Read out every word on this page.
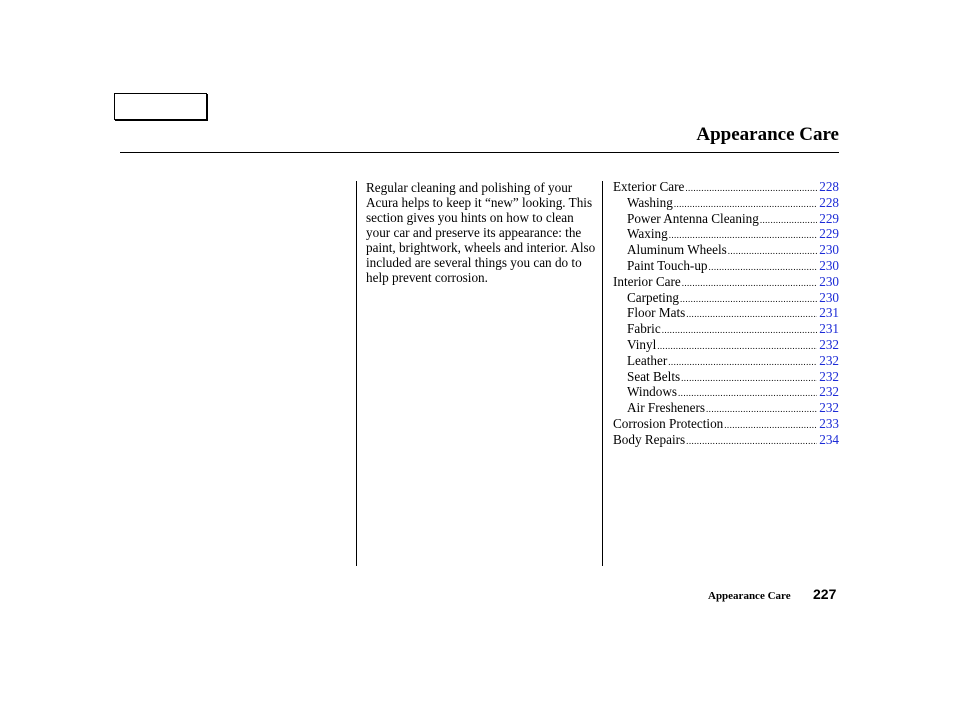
Appearance Care

Regular cleaning and polishing of your Acura helps to keep it “new” looking. This section gives you hints on how to clean your car and preserve its appearance: the paint, brightwork, wheels and interior. Also included are several things you can do to help prevent corrosion.

Exterior Care .....	228
Washing .....	228
Power Antenna Cleaning .....	229
Waxing .....	229
Aluminum Wheels .....	230
Paint Touch-up .....	230
Interior Care .....	230
Carpeting .....	230
Floor Mats .....	231
Fabric .....	231
Vinyl .....	232
Leather .....	232
Seat Belts .....	232
Windows .....	232
Air Fresheners .....	232
Corrosion Protection .....	233
Body Repairs .....	234
Appearance Care 227
